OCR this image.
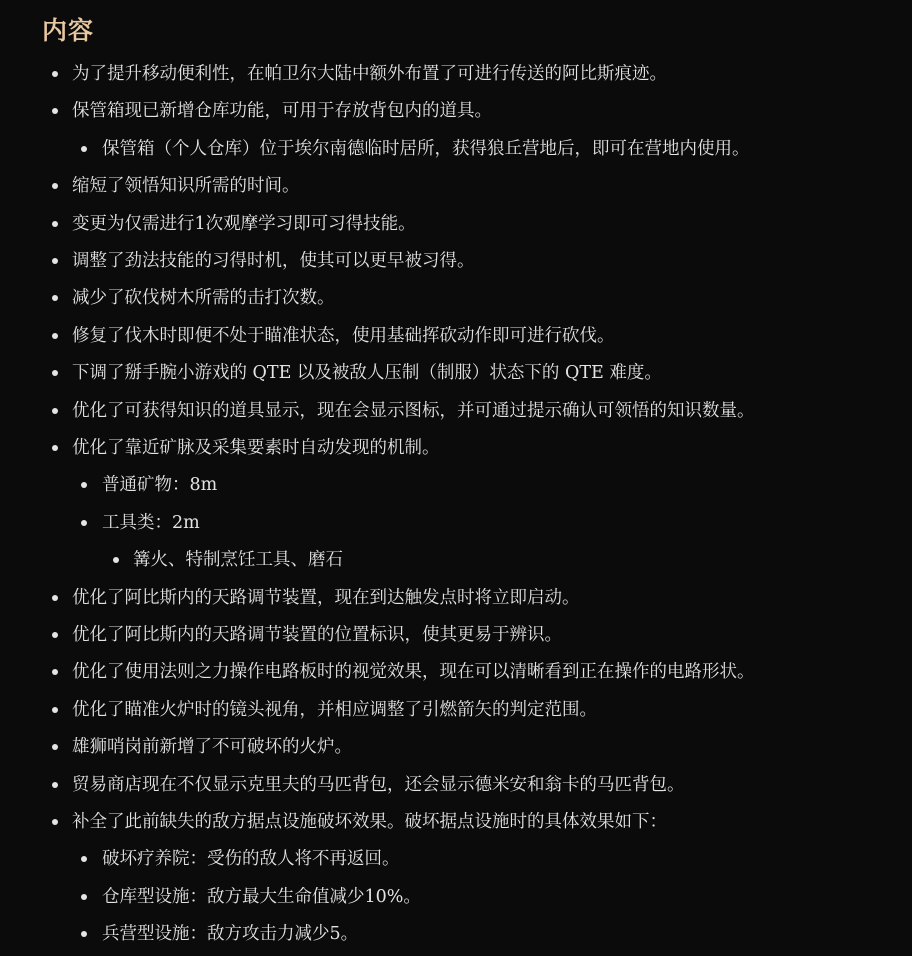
内容
为了提升移动便利性，在帕卫尔大陆中额外布置了可进行传送的阿比斯痕迹。
保管箱现已新增仓库功能，可用于存放背包内的道具。
保管箱（个人仓库）位于埃尔南德临时居所，获得狼丘营地后，即可在营地内使用。
缩短了领悟知识所需的时间。
变更为仅需进行1次观摩学习即可习得技能。
调整了劲法技能的习得时机，使其可以更早被习得。
减少了砍伐树木所需的击打次数。
修复了伐木时即便不处于瞄准状态，使用基础挥砍动作即可进行砍伐。
下调了掰手腕小游戏的 QTE 以及被敌人压制（制服）状态下的 QTE 难度。
优化了可获得知识的道具显示，现在会显示图标，并可通过提示确认可领悟的知识数量。
优化了靠近矿脉及采集要素时自动发现的机制。
普通矿物：8m
工具类：2m
篝火、特制烹饪工具、磨石
优化了阿比斯内的天路调节装置，现在到达触发点时将立即启动。
优化了阿比斯内的天路调节装置的位置标识，使其更易于辨识。
优化了使用法则之力操作电路板时的视觉效果，现在可以清晰看到正在操作的电路形状。
优化了瞄准火炉时的镜头视角，并相应调整了引燃箭矢的判定范围。
雄狮哨岗前新增了不可破坏的火炉。
贸易商店现在不仅显示克里夫的马匹背包，还会显示德米安和翁卡的马匹背包。
补全了此前缺失的敌方据点设施破坏效果。破坏据点设施时的具体效果如下：
破坏疗养院：受伤的敌人将不再返回。
仓库型设施：敌方最大生命值减少10%。
兵营型设施：敌方攻击力减少5。
